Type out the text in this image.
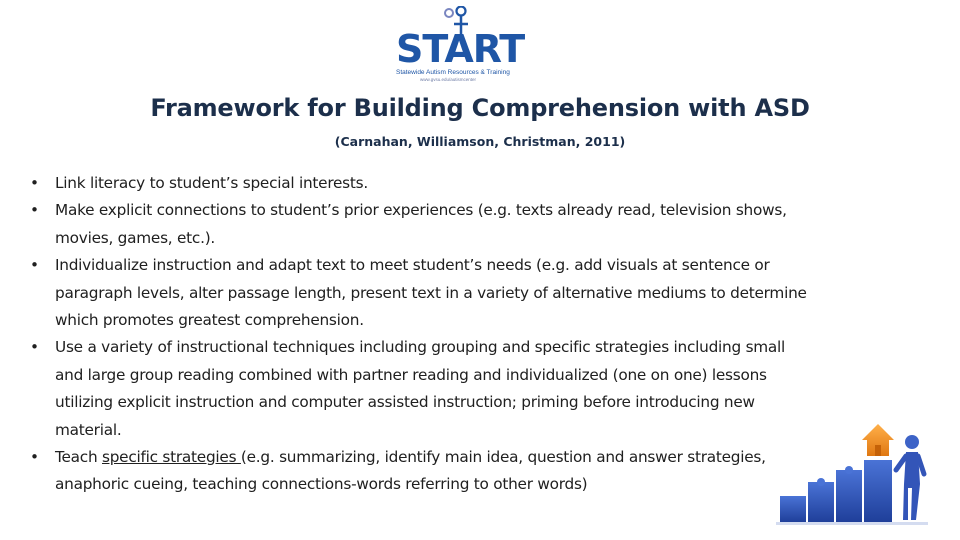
START
Statewide Autism Resources & Training
www.gvsu.edu/autismcenter
Framework for Building Comprehension with ASD
(Carnahan, Williamson, Christman, 2011)
• Link literacy to student’s special interests.
• Make explicit connections to student’s prior experiences (e.g. texts already read, television shows, movies, games, etc.).
• Individualize instruction and adapt text to meet student’s needs (e.g. add visuals at sentence or paragraph levels, alter passage length, present text in a variety of alternative mediums to determine which promotes greatest comprehension.
• Use a variety of instructional techniques including grouping and specific strategies including small and large group reading combined with partner reading and individualized (one on one) lessons utilizing explicit instruction and computer assisted instruction; priming before introducing new material.
• Teach specific strategies (e.g. summarizing, identify main idea, question and answer strategies, anaphoric cueing, teaching connections-words referring to other words)
